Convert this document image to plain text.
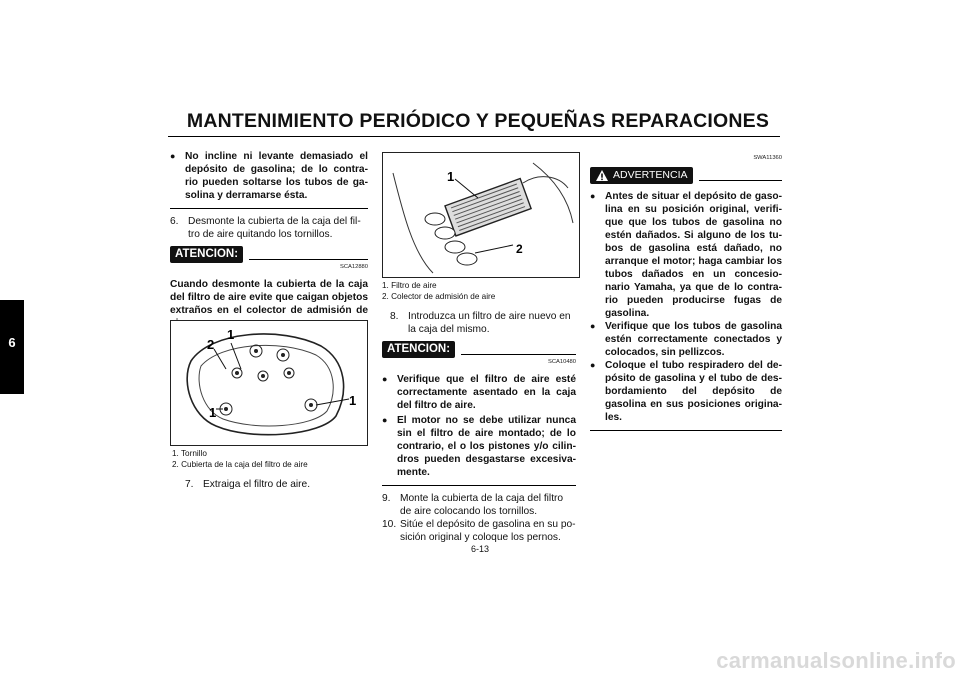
MANTENIMIENTO PERIÓDICO Y PEQUEÑAS REPARACIONES
6
● No incline ni levante demasiado el depósito de gasolina; de lo contra- rio pueden soltarse los tubos de ga- solina y derramarse ésta.
6. Desmonte la cubierta de la caja del fil- tro de aire quitando los tornillos.
ATENCION:
SCA12880
Cuando desmonte la cubierta de la caja del filtro de aire evite que caigan objetos extraños en el colector de admisión de
2
1
1
1
1. Tornillo
2. Cubierta de la caja del filtro de aire
7. Extraiga el filtro de aire.
1
2
1. Filtro de aire
2. Colector de admisión de aire
8. Introduzca un filtro de aire nuevo en la caja del mismo.
ATENCION:
SCA10480
● Verifique que el filtro de aire esté correctamente asentado en la caja del filtro de aire.
● El motor no se debe utilizar nunca sin el filtro de aire montado; de lo contrario, el o los pistones y/o cilin- dros pueden desgastarse excesiva- mente.
9. Monte la cubierta de la caja del filtro de aire colocando los tornillos.
10. Sitúe el depósito de gasolina en su po- sición original y coloque los pernos.
SWA11360
ADVERTENCIA
● Antes de situar el depósito de gaso- lina en su posición original, verifi- que que los tubos de gasolina no estén dañados. Si alguno de los tu- bos de gasolina está dañado, no arranque el motor; haga cambiar los tubos dañados en un concesio- nario Yamaha, ya que de lo contra- rio pueden producirse fugas de gasolina.
● Verifique que los tubos de gasolina estén correctamente conectados y colocados, sin pellizcos.
● Coloque el tubo respiradero del de- pósito de gasolina y el tubo de des- bordamiento del depósito de gasolina en sus posiciones origina- les.
6-13
carmanualsonline.info
